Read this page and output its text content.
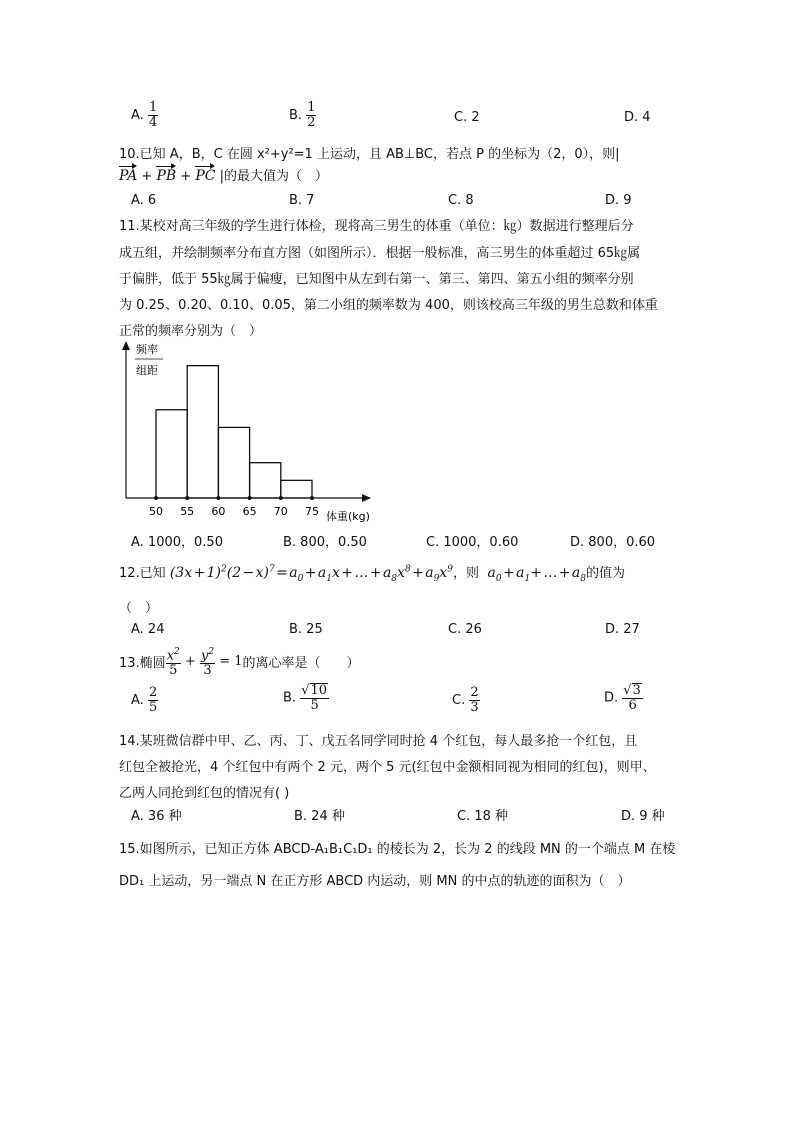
A. $\frac{1}{4}$	B. $\frac{1}{2}$	C. 2	D. 4
10.已知 A，B，C 在圆 x²+y²=1 上运动，且 AB⊥BC，若点 P 的坐标为（2，0），则|
PA + PB + PC |的最大值为（　）
A. 6	B. 7	C. 8	D. 9
11.某校对高三年级的学生进行体检，现将高三男生的体重（单位：㎏）数据进行整理后分
成五组，并绘制频率分布直方图（如图所示）．根据一般标准，高三男生的体重超过 65㎏属
于偏胖，低于 55㎏属于偏瘦，已知图中从左到右第一、第三、第四、第五小组的频率分别
为 0.25、0.20、0.10、0.05，第二小组的频率数为 400，则该校高三年级的男生总数和体重
正常的频率分别为（　）
50 55 60 65 70 75
频率
组距
体重(kg)
A. 1000，0.50	B. 800，0.50	C. 1000，0.60	D. 800，0.60
12.已知 (3x + 1)$^2$(2 − x)$^7$ = $a_0$ + $a_1x$ + … + $a_8x^8$ + $a_9x^9$，则 $a_0$ + $a_1+$ … + $a_8$的值为
（　）
A. 24	B. 25	C. 26	D. 27
13.椭圆 $\frac{x^2}{5} + \frac{y^2}{3} = 1$的离心率是（　　）
A. $\frac{2}{5}$	B. $\frac{√10}{5}$	C. $\frac{2}{3}$	D. $\frac{√3}{6}$
14.某班微信群中甲、乙、丙、丁、戊五名同学同时抢 4 个红包，每人最多抢一个红包，且
红包全被抢光，4 个红包中有两个 2 元，两个 5 元(红包中金额相同视为相同的红包)，则甲、
乙两人同抢到红包的情况有( )
A. 36 种	B. 24 种	C. 18 种	D. 9 种
15.如图所示，已知正方体 ABCD-A₁B₁C₁D₁ 的棱长为 2，长为 2 的线段 MN 的一个端点 M 在棱
DD₁ 上运动，另一端点 N 在正方形 ABCD 内运动，则 MN 的中点的轨迹的面积为（　）
